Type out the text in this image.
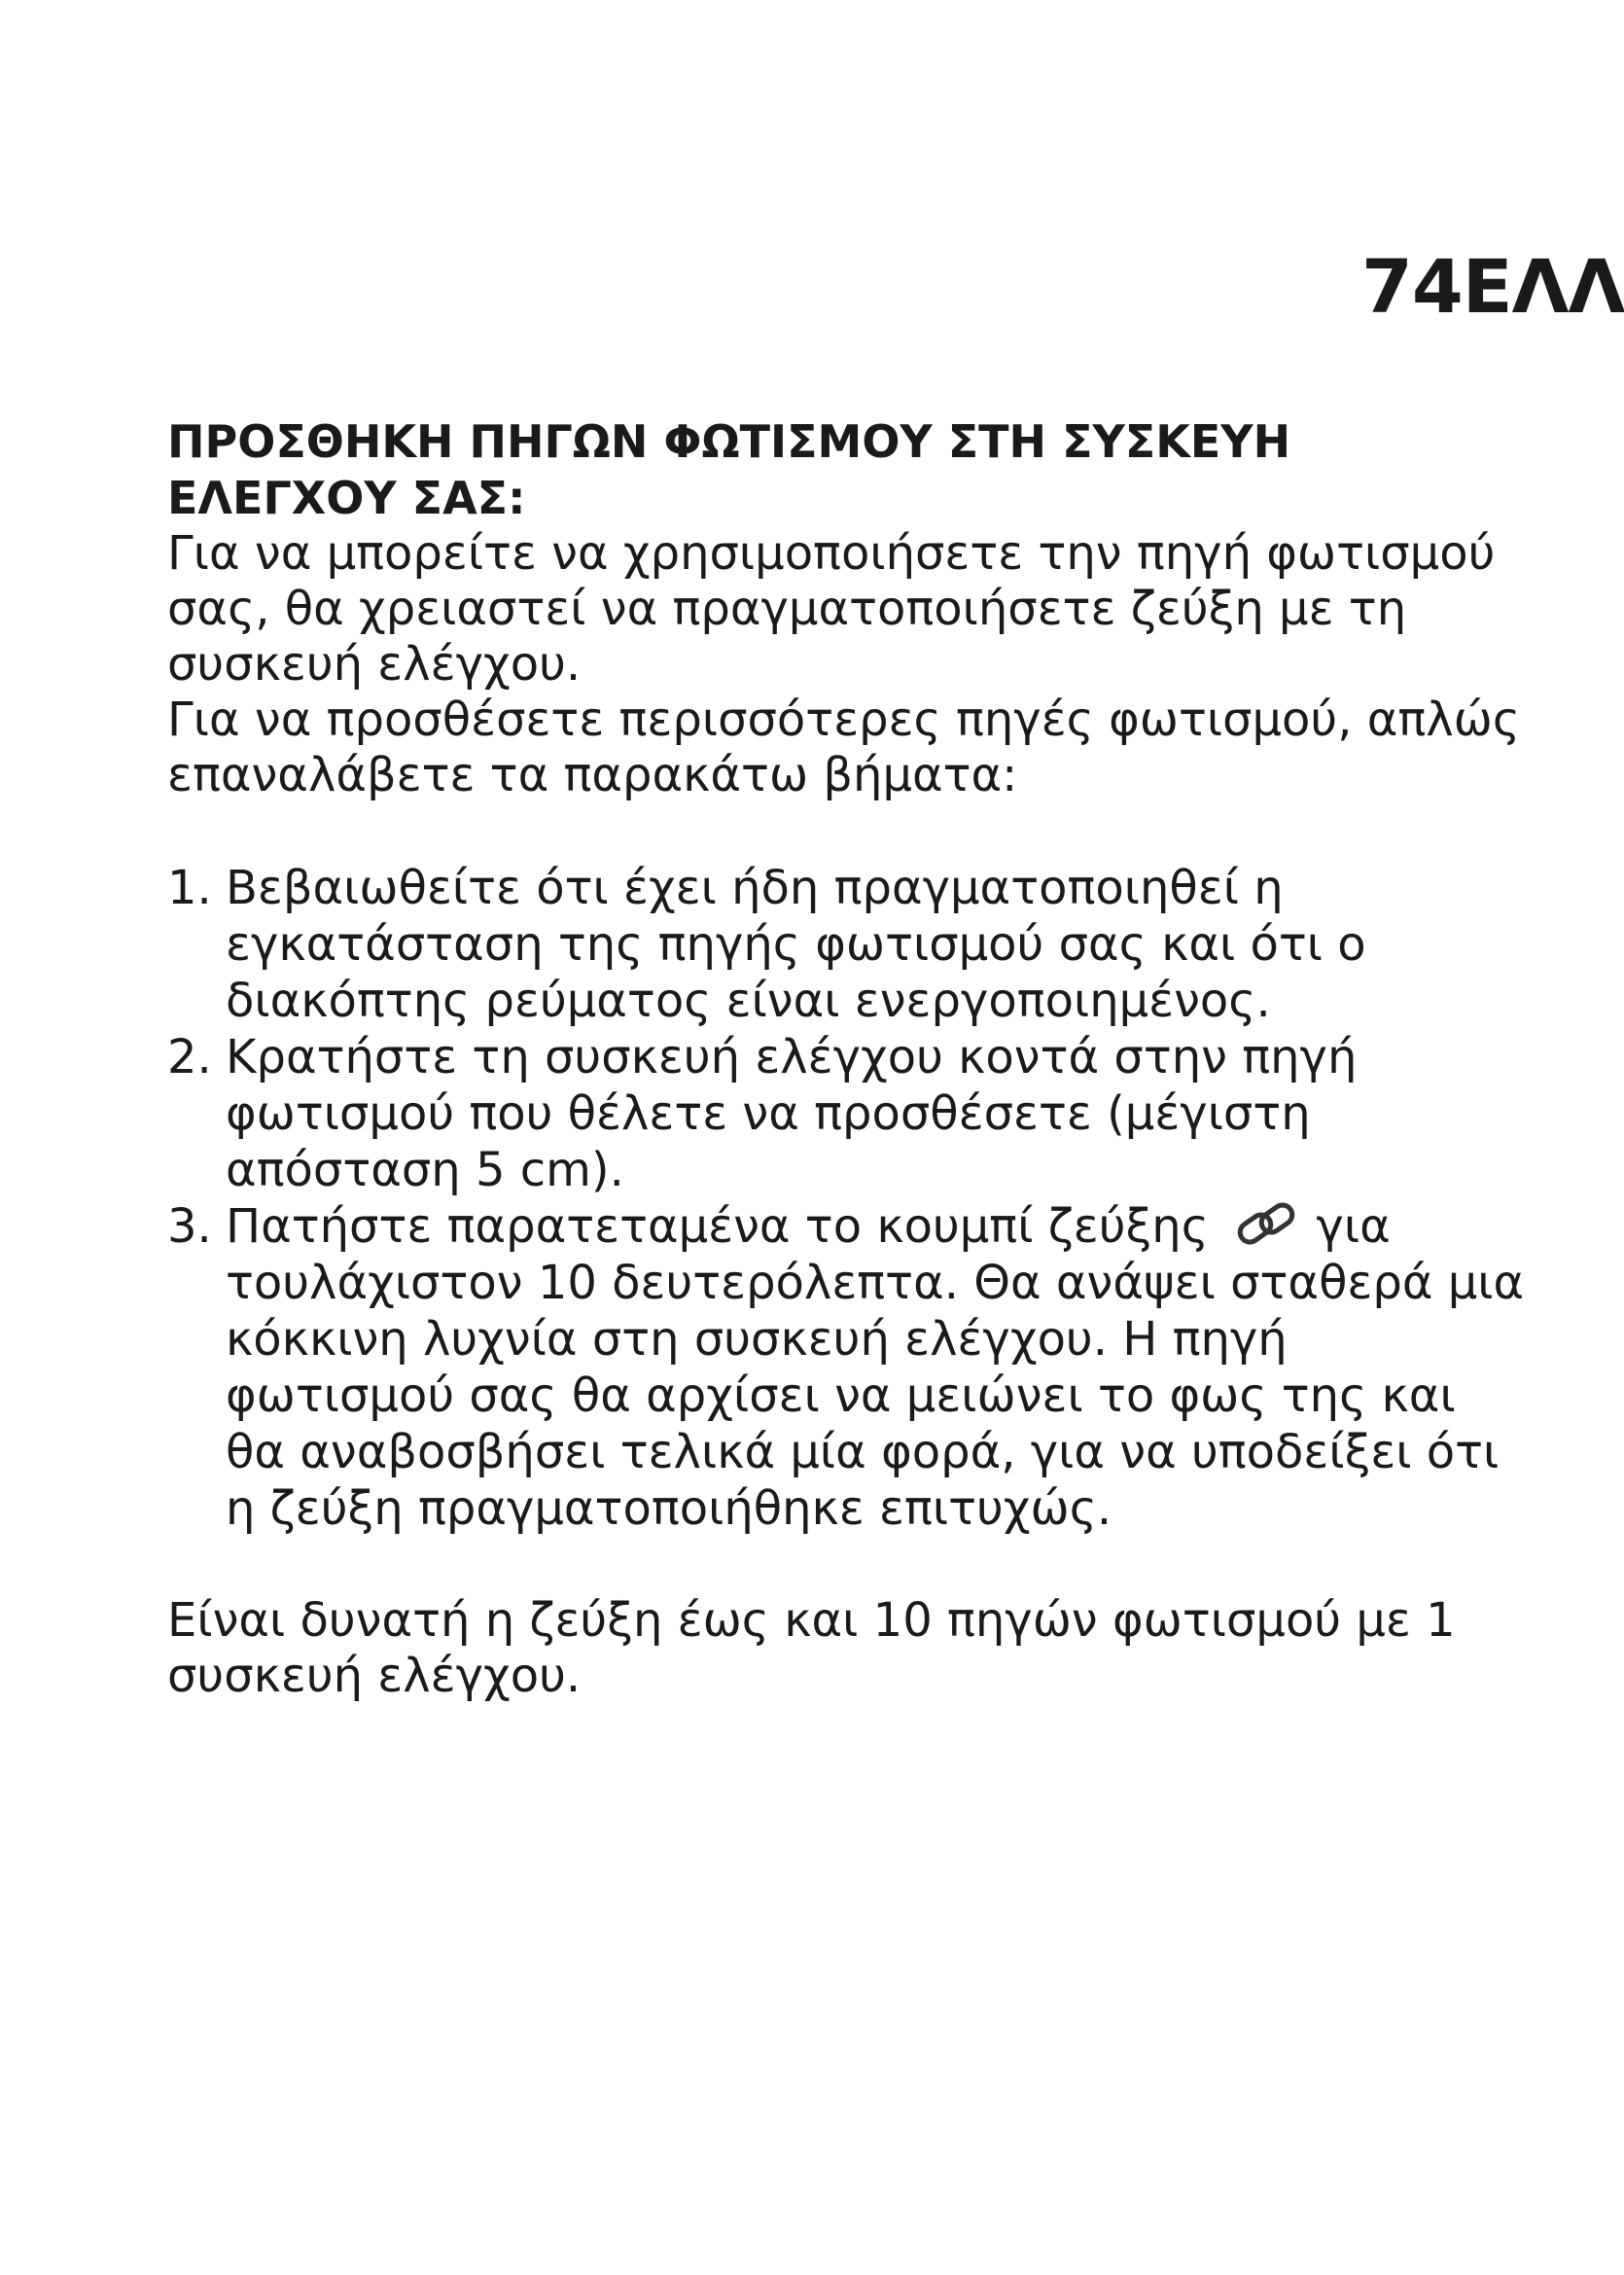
74ΕΛΛ
ΠΡΟΣΘΗΚΗ ΠΗΓΩΝ ΦΩΤΙΣΜΟΥ ΣΤΗ ΣΥΣΚΕΥΗ ΕΛΕΓΧΟΥ ΣΑΣ:

Για να μπορείτε να χρησιμοποιήσετε την πηγή φωτισμού σας, θα χρειαστεί να πραγματοποιήσετε ζεύξη με τη συσκευή ελέγχου.

Για να προσθέσετε περισσότερες πηγές φωτισμού, απλώς επαναλάβετε τα παρακάτω βήματα:

1. Βεβαιωθείτε ότι έχει ήδη πραγματοποιηθεί η εγκατάσταση της πηγής φωτισμού σας και ότι ο διακόπτης ρεύματος είναι ενεργοποιημένος.
2. Κρατήστε τη συσκευή ελέγχου κοντά στην πηγή φωτισμού που θέλετε να προσθέσετε (μέγιστη απόσταση 5 cm).
3. Πατήστε παρατεταμένα το κουμπί ζεύξης για τουλάχιστον 10 δευτερόλεπτα. Θα ανάψει σταθερά μια κόκκινη λυχνία στη συσκευή ελέγχου. Η πηγή φωτισμού σας θα αρχίσει να μειώνει το φως της και θα αναβοσβήσει τελικά μία φορά, για να υποδείξει ότι η ζεύξη πραγματοποιήθηκε επιτυχώς.

Είναι δυνατή η ζεύξη έως και 10 πηγών φωτισμού με 1 συσκευή ελέγχου.
